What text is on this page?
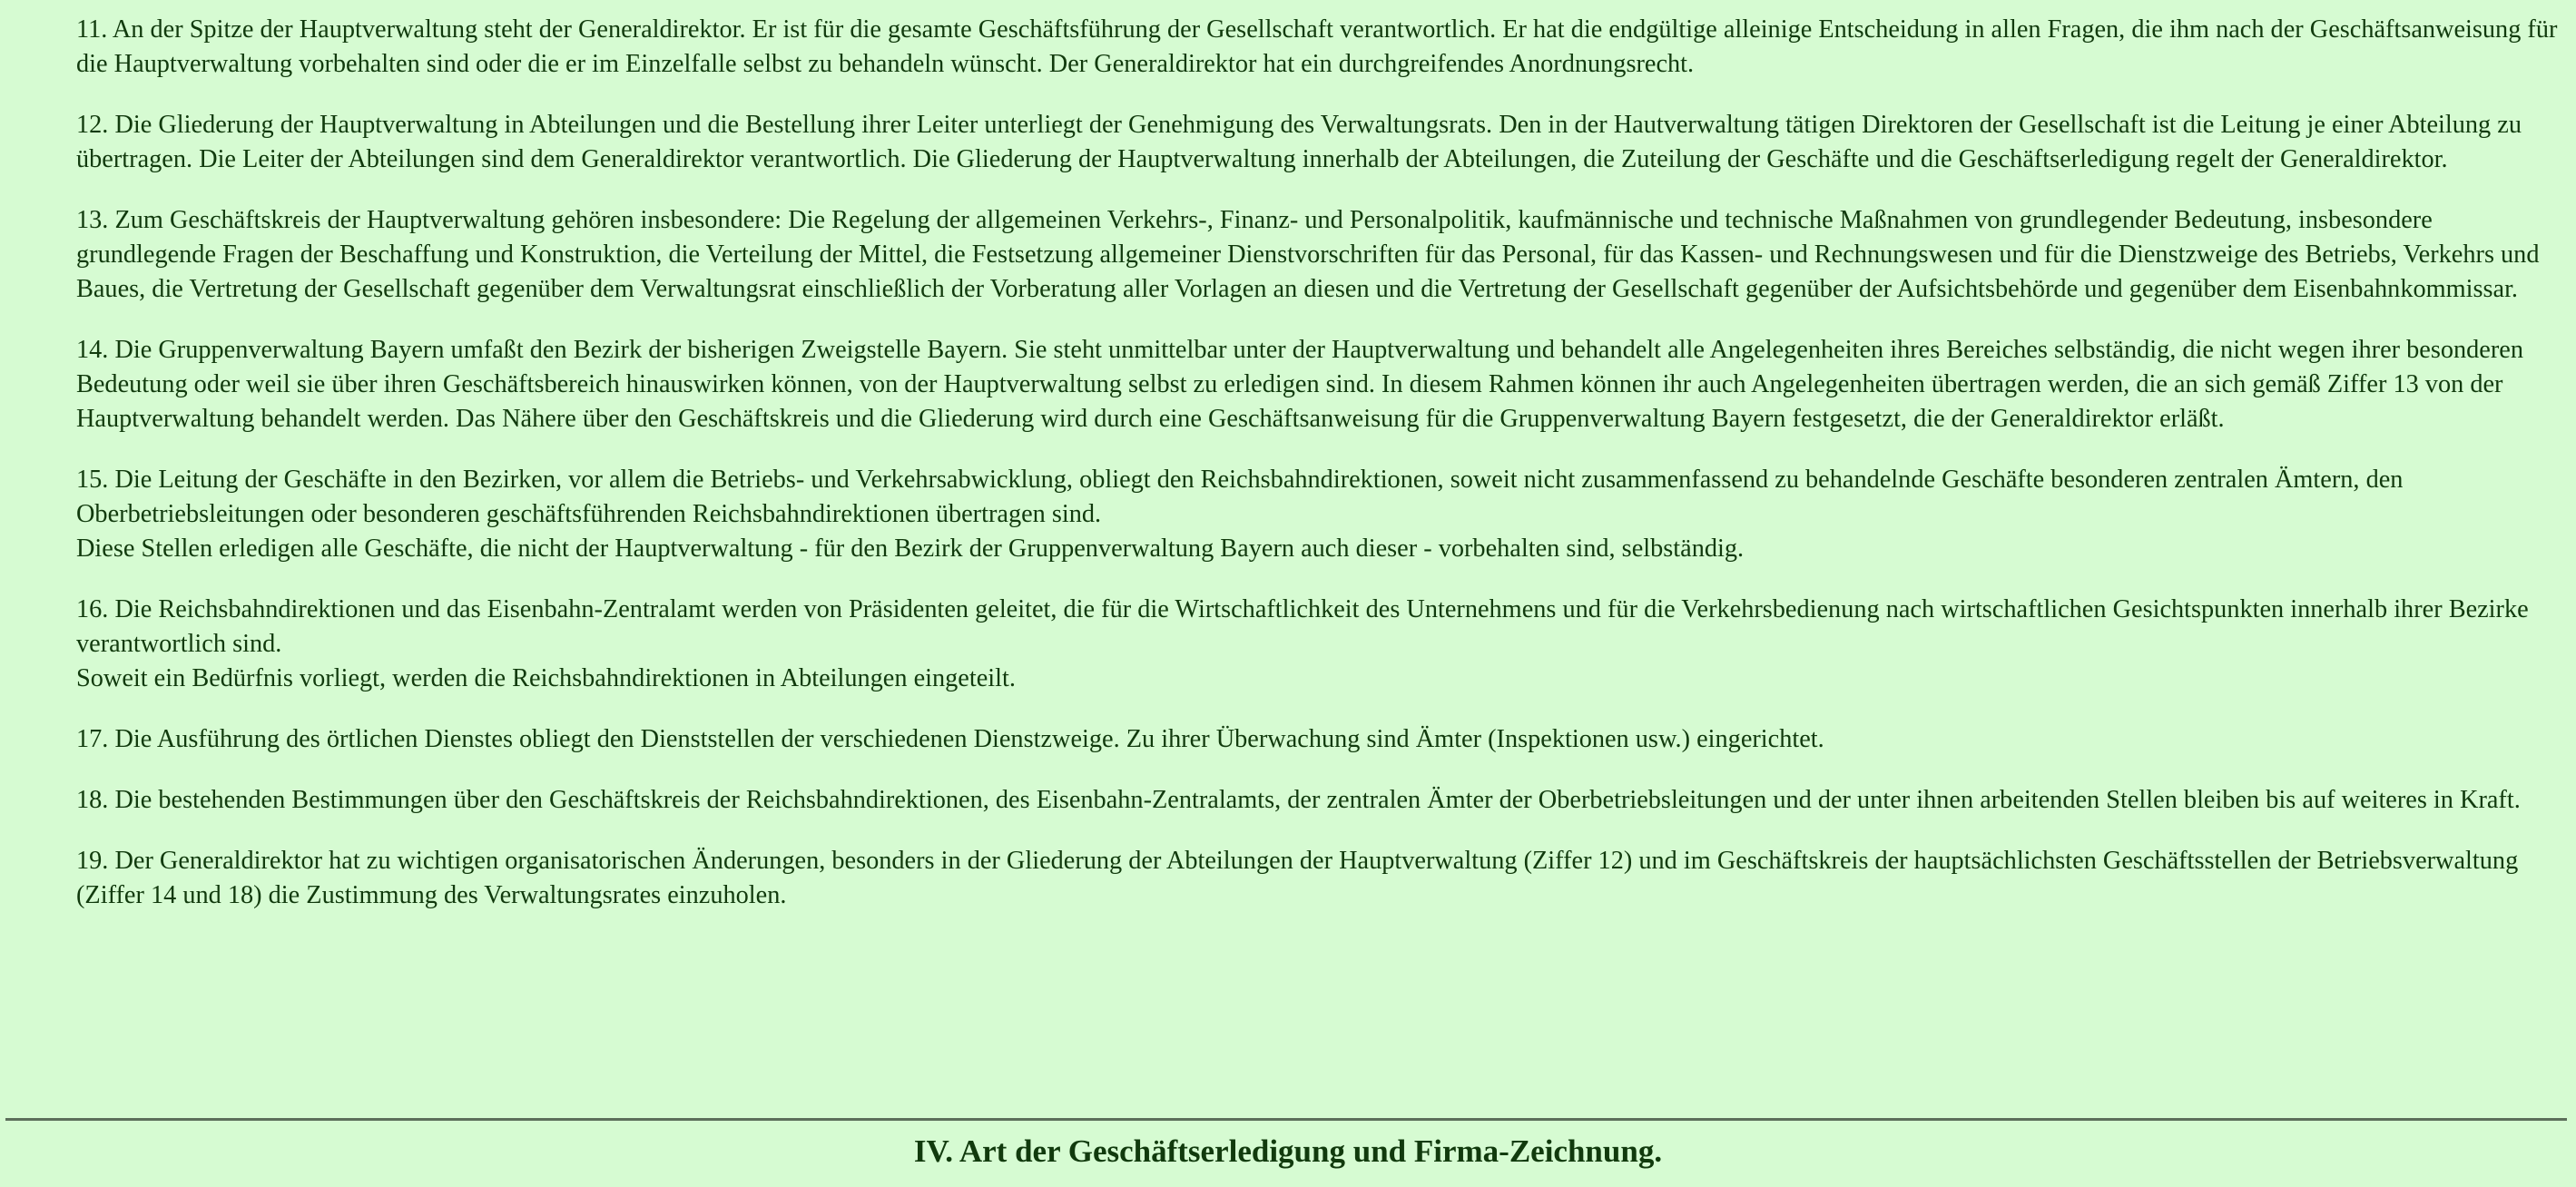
11. An der Spitze der Hauptverwaltung steht der Generaldirektor. Er ist für die gesamte Geschäftsführung der Gesellschaft verantwortlich. Er hat die endgültige alleinige Entscheidung in allen Fragen, die ihm nach der Geschäftsanweisung für die Hauptverwaltung vorbehalten sind oder die er im Einzelfalle selbst zu behandeln wünscht. Der Generaldirektor hat ein durchgreifendes Anordnungsrecht.

12. Die Gliederung der Hauptverwaltung in Abteilungen und die Bestellung ihrer Leiter unterliegt der Genehmigung des Verwaltungsrats. Den in der Hautverwaltung tätigen Direktoren der Gesellschaft ist die Leitung je einer Abteilung zu übertragen. Die Leiter der Abteilungen sind dem Generaldirektor verantwortlich. Die Gliederung der Hauptverwaltung innerhalb der Abteilungen, die Zuteilung der Geschäfte und die Geschäftserledigung regelt der Generaldirektor.

13. Zum Geschäftskreis der Hauptverwaltung gehören insbesondere: Die Regelung der allgemeinen Verkehrs-, Finanz- und Personalpolitik, kaufmännische und technische Maßnahmen von grundlegender Bedeutung, insbesondere grundlegende Fragen der Beschaffung und Konstruktion, die Verteilung der Mittel, die Festsetzung allgemeiner Dienstvorschriften für das Personal, für das Kassen- und Rechnungswesen und für die Dienstzweige des Betriebs, Verkehrs und Baues, die Vertretung der Gesellschaft gegenüber dem Verwaltungsrat einschließlich der Vorberatung aller Vorlagen an diesen und die Vertretung der Gesellschaft gegenüber der Aufsichtsbehörde und gegenüber dem Eisenbahnkommissar.

14. Die Gruppenverwaltung Bayern umfaßt den Bezirk der bisherigen Zweigstelle Bayern. Sie steht unmittelbar unter der Hauptverwaltung und behandelt alle Angelegenheiten ihres Bereiches selbständig, die nicht wegen ihrer besonderen Bedeutung oder weil sie über ihren Geschäftsbereich hinauswirken können, von der Hauptverwaltung selbst zu erledigen sind. In diesem Rahmen können ihr auch Angelegenheiten übertragen werden, die an sich gemäß Ziffer 13 von der Hauptverwaltung behandelt werden. Das Nähere über den Geschäftskreis und die Gliederung wird durch eine Geschäftsanweisung für die Gruppenverwaltung Bayern festgesetzt, die der Generaldirektor erläßt.

15. Die Leitung der Geschäfte in den Bezirken, vor allem die Betriebs- und Verkehrsabwicklung, obliegt den Reichsbahndirektionen, soweit nicht zusammenfassend zu behandelnde Geschäfte besonderen zentralen Ämtern, den Oberbetriebsleitungen oder besonderen geschäftsführenden Reichsbahndirektionen übertragen sind.
Diese Stellen erledigen alle Geschäfte, die nicht der Hauptverwaltung - für den Bezirk der Gruppenverwaltung Bayern auch dieser - vorbehalten sind, selbständig.

16. Die Reichsbahndirektionen und das Eisenbahn-Zentralamt werden von Präsidenten geleitet, die für die Wirtschaftlichkeit des Unternehmens und für die Verkehrsbedienung nach wirtschaftlichen Gesichtspunkten innerhalb ihrer Bezirke verantwortlich sind.
Soweit ein Bedürfnis vorliegt, werden die Reichsbahndirektionen in Abteilungen eingeteilt.

17. Die Ausführung des örtlichen Dienstes obliegt den Dienststellen der verschiedenen Dienstzweige. Zu ihrer Überwachung sind Ämter (Inspektionen usw.) eingerichtet.

18. Die bestehenden Bestimmungen über den Geschäftskreis der Reichsbahndirektionen, des Eisenbahn-Zentralamts, der zentralen Ämter der Oberbetriebsleitungen und der unter ihnen arbeitenden Stellen bleiben bis auf weiteres in Kraft.

19. Der Generaldirektor hat zu wichtigen organisatorischen Änderungen, besonders in der Gliederung der Abteilungen der Hauptverwaltung (Ziffer 12) und im Geschäftskreis der hauptsächlichsten Geschäftsstellen der Betriebsverwaltung (Ziffer 14 und 18) die Zustimmung des Verwaltungsrates einzuholen.

IV. Art der Geschäftserledigung und Firma-Zeichnung.
